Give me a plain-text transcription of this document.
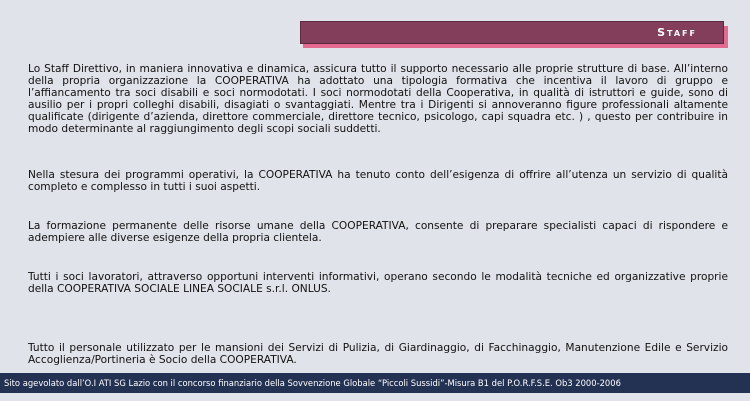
Staff

Lo Staff Direttivo, in maniera innovativa e dinamica, assicura tutto il supporto necessario alle proprie strutture di base. All’interno della propria organizzazione la COOPERATIVA ha adottato una tipologia formativa che incentiva il lavoro di gruppo e l’affiancamento tra soci disabili e soci normodotati. I soci normodotati della Cooperativa, in qualità di istruttori e guide, sono di ausilio per i propri colleghi disabili, disagiati o svantaggiati. Mentre tra i Dirigenti si annoveranno figure professionali altamente qualificate (dirigente d’azienda, direttore commerciale, direttore tecnico, psicologo, capi squadra etc. ) , questo per contribuire in modo determinante al raggiungimento degli scopi sociali suddetti.

Nella stesura dei programmi operativi, la COOPERATIVA ha tenuto conto dell’esigenza di offrire all’utenza un servizio di qualità completo e complesso in tutti i suoi aspetti.

La formazione permanente delle risorse umane della COOPERATIVA, consente di preparare specialisti capaci di rispondere e adempiere alle diverse esigenze della propria clientela.

Tutti i soci lavoratori, attraverso opportuni interventi informativi, operano secondo le modalità tecniche ed organizzative proprie della COOPERATIVA SOCIALE LINEA SOCIALE s.r.l. ONLUS.

Tutto il personale utilizzato per le mansioni dei Servizi di Pulizia, di Giardinaggio, di Facchinaggio, Manutenzione Edile e Servizio Accoglienza/Portineria è Socio della COOPERATIVA.

Sito agevolato dall’O.I ATI SG Lazio con il concorso finanziario della Sovvenzione Globale “Piccoli Sussidi”-Misura B1 del P.O.R.F.S.E. Ob3 2000-2006
